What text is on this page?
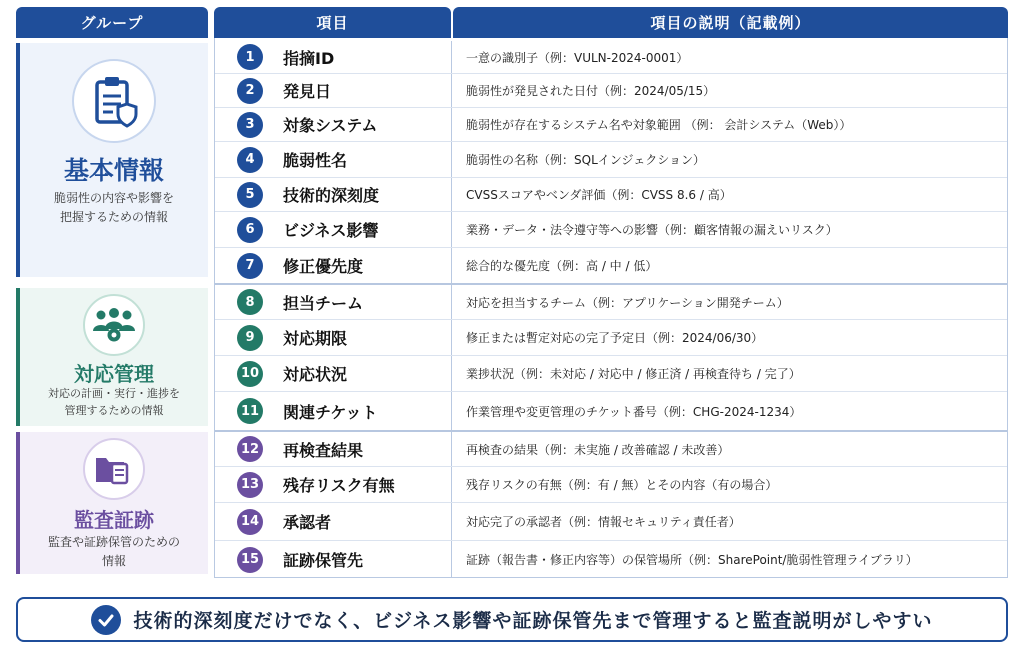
グループ	項目	項目の説明（記載例）
基本情報
脆弱性の内容や影響を
把握するための情報
対応管理
対応の計画・実行・進捗を
管理するための情報
監査証跡
監査や証跡保管のための
情報
1	指摘ID	一意の識別子（例：VULN-2024-0001）
2	発見日	脆弱性が発見された日付（例：2024/05/15）
3	対象システム	脆弱性が存在するシステム名や対象範囲 （例： 会計システム（Web））
4	脆弱性名	脆弱性の名称（例：SQLインジェクション）
5	技術的深刻度	CVSSスコアやベンダ評価（例：CVSS 8.6 / 高）
6	ビジネス影響	業務・データ・法令遵守等への影響（例：顧客情報の漏えいリスク）
7	修正優先度	総合的な優先度（例：高 / 中 / 低）
8	担当チーム	対応を担当するチーム（例：アプリケーション開発チーム）
9	対応期限	修正または暫定対応の完了予定日（例：2024/06/30）
10 対応状況	業捗状況（例：未対応 / 対応中 / 修正済 / 再検査待ち / 完了）
11 関連チケット	作業管理や変更管理のチケット番号（例：CHG-2024-1234）
12 再検査結果	再検査の結果（例：未実施 / 改善確認 / 未改善）
13 残存リスク有無	残存リスクの有無（例：有 / 無）とその内容（有の場合）
14 承認者	対応完了の承認者（例：情報セキュリティ責任者）
15 証跡保管先	証跡（報告書・修正内容等）の保管場所（例：SharePoint/脆弱性管理ライブラリ）
技術的深刻度だけでなく、ビジネス影響や証跡保管先まで管理すると監査説明がしやすい
